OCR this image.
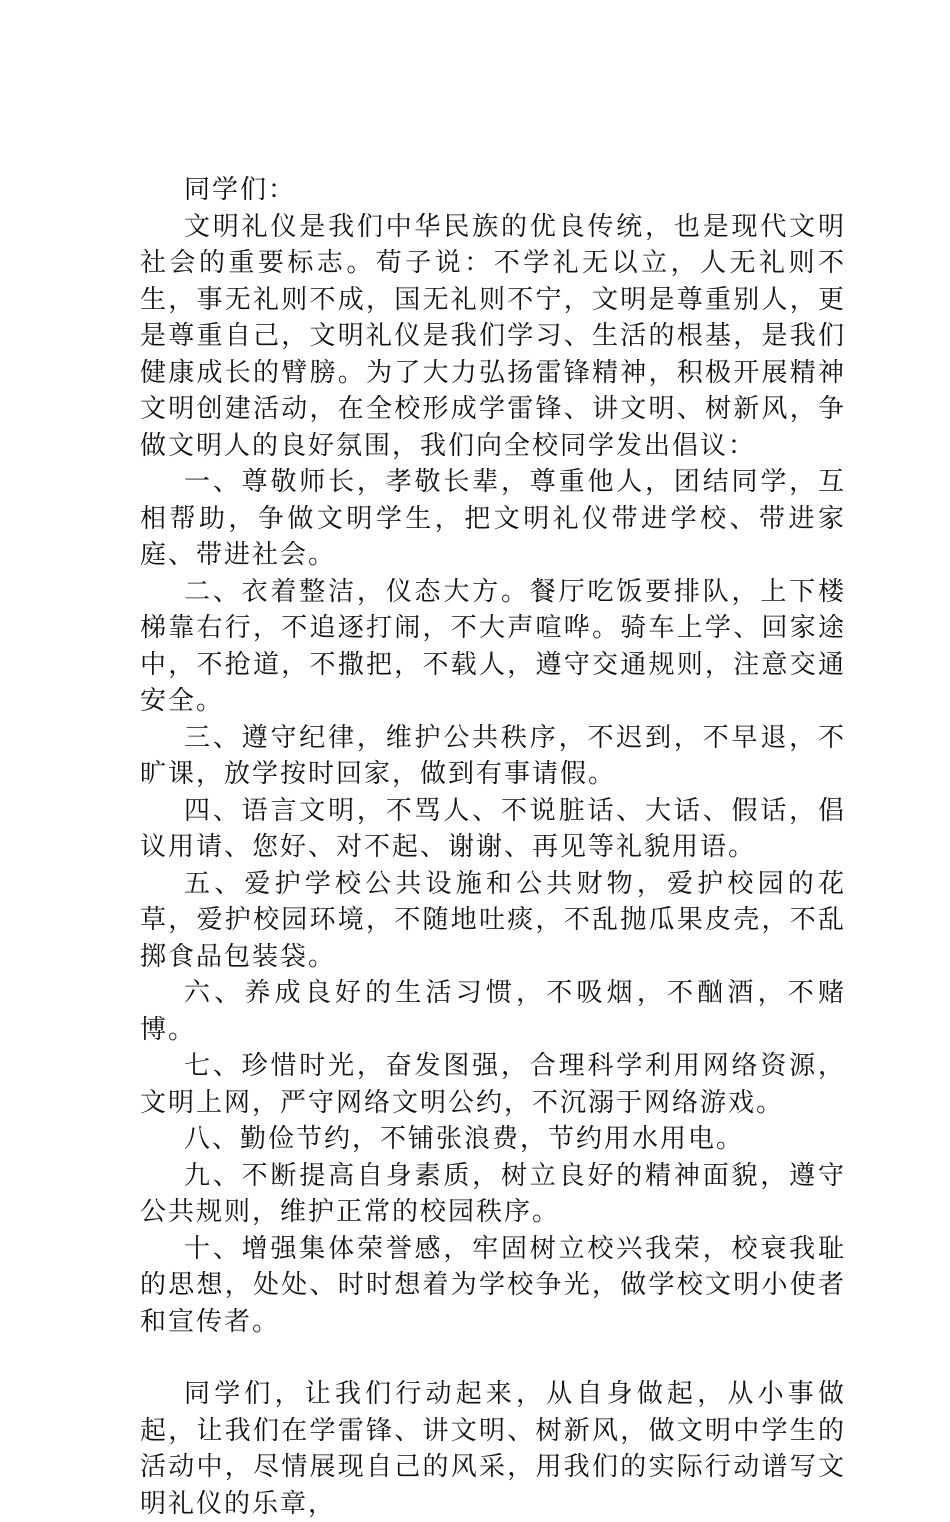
同学们：

文明礼仪是我们中华民族的优良传统，也是现代文明社会的重要标志。荀子说：不学礼无以立，人无礼则不生，事无礼则不成，国无礼则不宁，文明是尊重别人，更是尊重自己，文明礼仪是我们学习、生活的根基，是我们健康成长的臂膀。为了大力弘扬雷锋精神，积极开展精神文明创建活动，在全校形成学雷锋、讲文明、树新风，争做文明人的良好氛围，我们向全校同学发出倡议：

一、尊敬师长，孝敬长辈，尊重他人，团结同学，互相帮助，争做文明学生，把文明礼仪带进学校、带进家庭、带进社会。

二、衣着整洁，仪态大方。餐厅吃饭要排队，上下楼梯靠右行，不追逐打闹，不大声喧哗。骑车上学、回家途中，不抢道，不撒把，不载人，遵守交通规则，注意交通安全。

三、遵守纪律，维护公共秩序，不迟到，不早退，不旷课，放学按时回家，做到有事请假。

四、语言文明，不骂人、不说脏话、大话、假话，倡议用请、您好、对不起、谢谢、再见等礼貌用语。

五、爱护学校公共设施和公共财物，爱护校园的花草，爱护校园环境，不随地吐痰，不乱抛瓜果皮壳，不乱掷食品包装袋。

六、养成良好的生活习惯，不吸烟，不酗酒，不赌博。

七、珍惜时光，奋发图强，合理科学利用网络资源，文明上网，严守网络文明公约，不沉溺于网络游戏。

八、勤俭节约，不铺张浪费，节约用水用电。

九、不断提高自身素质，树立良好的精神面貌，遵守公共规则，维护正常的校园秩序。

十、增强集体荣誉感，牢固树立校兴我荣，校衰我耻的思想，处处、时时想着为学校争光，做学校文明小使者和宣传者。

同学们，让我们行动起来，从自身做起，从小事做起，让我们在学雷锋、讲文明、树新风，做文明中学生的活动中，尽情展现自己的风采，用我们的实际行动谱写文明礼仪的乐章，
